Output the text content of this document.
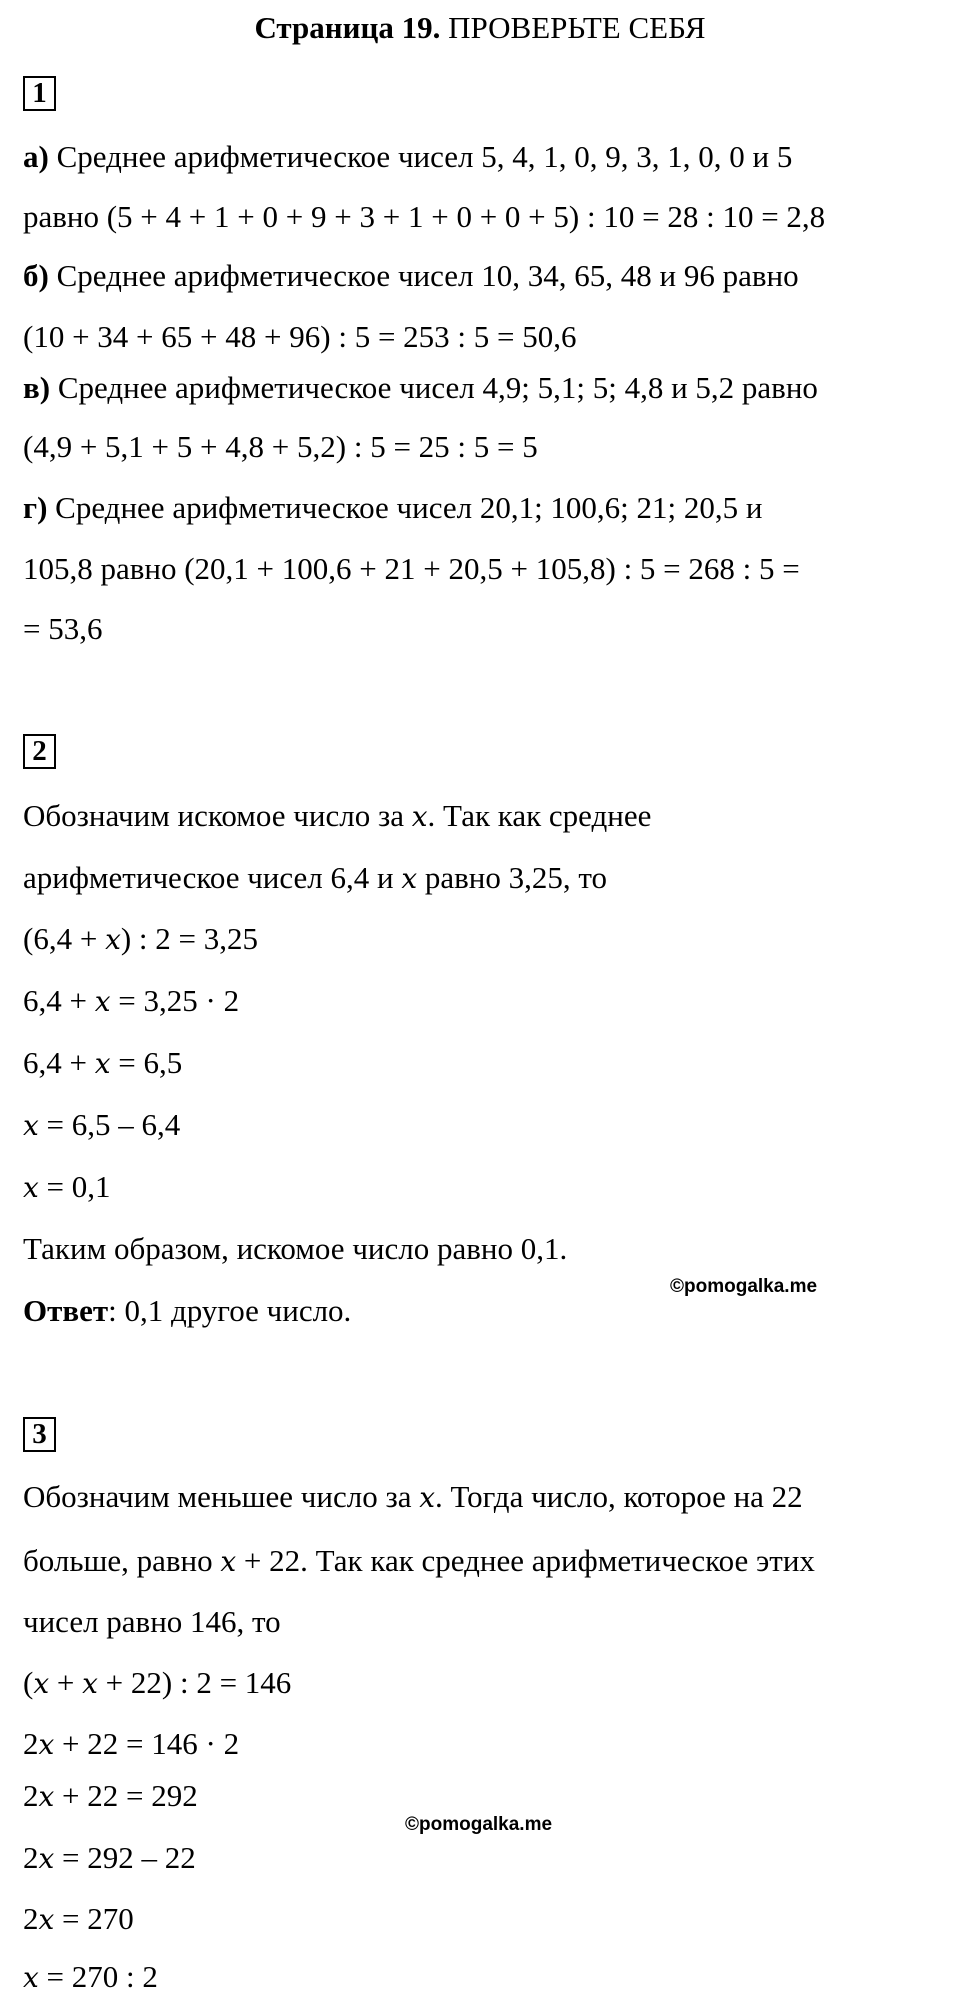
Страница 19. ПРОВЕРЬТЕ СЕБЯ
1
а) Среднее арифметическое чисел 5, 4, 1, 0, 9, 3, 1, 0, 0 и 5
равно (5 + 4 + 1 + 0 + 9 + 3 + 1 + 0 + 0 + 5) : 10 = 28 : 10 = 2,8
б) Среднее арифметическое чисел 10, 34, 65, 48 и 96 равно
(10 + 34 + 65 + 48 + 96) : 5 = 253 : 5 = 50,6
в) Среднее арифметическое чисел 4,9; 5,1; 5; 4,8 и 5,2 равно
(4,9 + 5,1 + 5 + 4,8 + 5,2) : 5 = 25 : 5 = 5
г) Среднее арифметическое чисел 20,1; 100,6; 21; 20,5 и
105,8 равно (20,1 + 100,6 + 21 + 20,5 + 105,8) : 5 = 268 : 5 =
= 53,6
2
Обозначим искомое число за x. Так как среднее
арифметическое чисел 6,4 и x равно 3,25, то
(6,4 + x) : 2 = 3,25
6,4 + x = 3,25 · 2
6,4 + x = 6,5
x = 6,5 – 6,4
x = 0,1
Таким образом, искомое число равно 0,1.
Ответ: 0,1 другое число.
©pomogalka.me
3
Обозначим меньшее число за x. Тогда число, которое на 22
больше, равно x + 22. Так как среднее арифметическое этих
чисел равно 146, то
(x + x + 22) : 2 = 146
2x + 22 = 146 · 2
2x + 22 = 292
2x = 292 – 22
2x = 270
x = 270 : 2
©pomogalka.me
